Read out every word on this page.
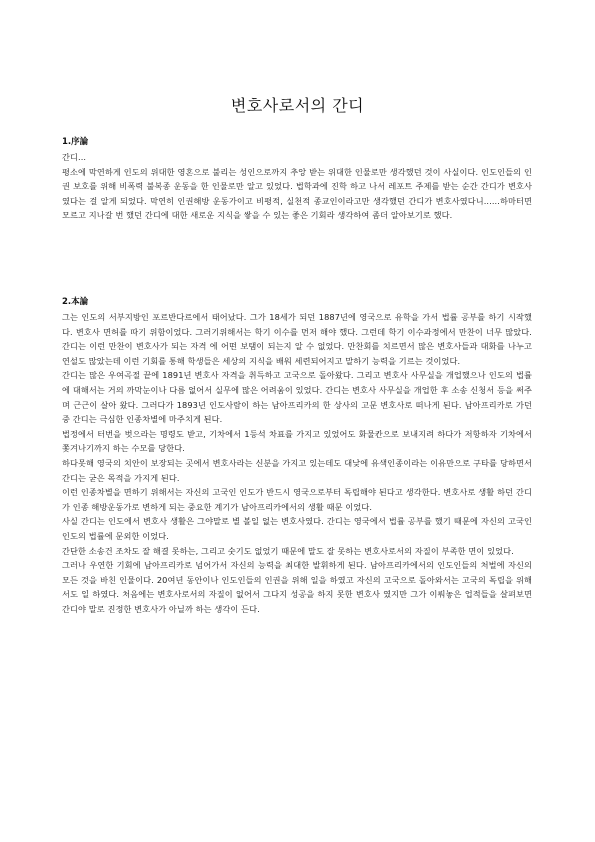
변호사로서의 간디

1.序論

간디...

평소에 막연하게 인도의 위대한 영혼으로 불리는 성인으로까지 추앙 받는 위대한 인물로만 생각했던 것이 사실이다. 인도인들의 인권 보호를 위해 비폭력 불복종 운동을 한 인물로만 알고 있었다. 법학과에 진학 하고 나서 레포트 주제를 받는 순간 간디가 변호사였다는 걸 알게 되었다. 막연히 인권해방 운동가이고 비평적, 실천적 종교인이라고만 생각했던 간디가 변호사였다니......하마터면 모르고 지나갈 번 했던 간디에 대한 새로운 지식을 쌓을 수 있는 좋은 기회라 생각하여 좀더 알아보기로 했다.

2.本論

그는 인도의 서부지방인 포르반다르에서 태어났다. 그가 18세가 되던 1887년에 영국으로 유학을 가서 법률 공부를 하기 시작했다. 변호사 면허를 따기 위함이었다. 그러기위해서는 학기 이수를 먼저 해야 했다. 그런데 학기 이수과정에서 만찬이 너무 많았다. 간디는 이런 만찬이 변호사가 되는 자격 에 어떤 보탬이 되는지 알 수 없었다. 만찬회를 치르면서 많은 변호사들과 대화를 나누고 연설도 많았는데 이런 기회를 통해 학생들은 세상의 지식을 배워 세련되어지고 말하기 능력을 기르는 것이었다.

간디는 많은 우여곡절 끝에 1891년 변호사 자격을 취득하고 고국으로 돌아왔다. 그리고 변호사 사무실을 개업했으나 인도의 법률에 대해서는 거의 까막눈이나 다름 없어서 실무에 많은 어려움이 있었다. 간디는 변호사 사무실을 개업한 후 소송 신청서 등을 써주며 근근이 살아 왔다. 그러다가 1893년 인도사람이 하는 남아프리카의 한 상사의 고문 변호사로 떠나게 된다. 남아프리카로 가던 중 간디는 극심한 인종차별에 마주치게 된다.

법정에서 터번을 벗으라는 명령도 받고, 기차에서 1등석 차표를 가지고 있었어도 화물칸으로 보내지려 하다가 저항하자 기차에서 쫓겨나기까지 하는 수모를 당한다.

하다못해 영국의 치안이 보장되는 곳에서 변호사라는 신분을 가지고 있는데도 대낮에 유색인종이라는 이유만으로 구타를 당하면서 간디는 굳은 목적을 가지게 된다.

이런 인종차별을 면하기 위해서는 자신의 고국인 인도가 반드시 영국으로부터 독립해야 된다고 생각한다. 변호사로 생활 하던 간디가 인종 해방운동가로 변하게 되는 중요한 계기가 남아프리카에서의 생활 때문 이었다.

사실 간디는 인도에서 변호사 생활은 그야말로 별 볼일 없는 변호사였다. 간디는 영국에서 법률 공부를 했기 때문에 자신의 고국인 인도의 법률에 문외한 이었다.

간단한 소송건 조차도 잘 해결 못하는, 그리고 숫기도 없었기 때문에 말도 잘 못하는 변호사로서의 자질이 부족한 면이 있었다.

그러나 우연한 기회에 남아프리카로 넘어가서 자신의 능력을 최대한 발휘하게 된다. 남아프리카에서의 인도인들의 처벌에 자신의 모든 것을 바친 인물이다. 20여년 동안이나 인도인들의 인권을 위해 일을 하였고 자신의 고국으로 돌아와서는 고국의 독립을 위해서도 일 하였다. 처음에는 변호사로서의 자질이 없어서 그다지 성공을 하지 못한 변호사 였지만 그가 이뤄놓은 업적들을 살펴보면 간디야 말로 진정한 변호사가 아닐까 하는 생각이 든다.
